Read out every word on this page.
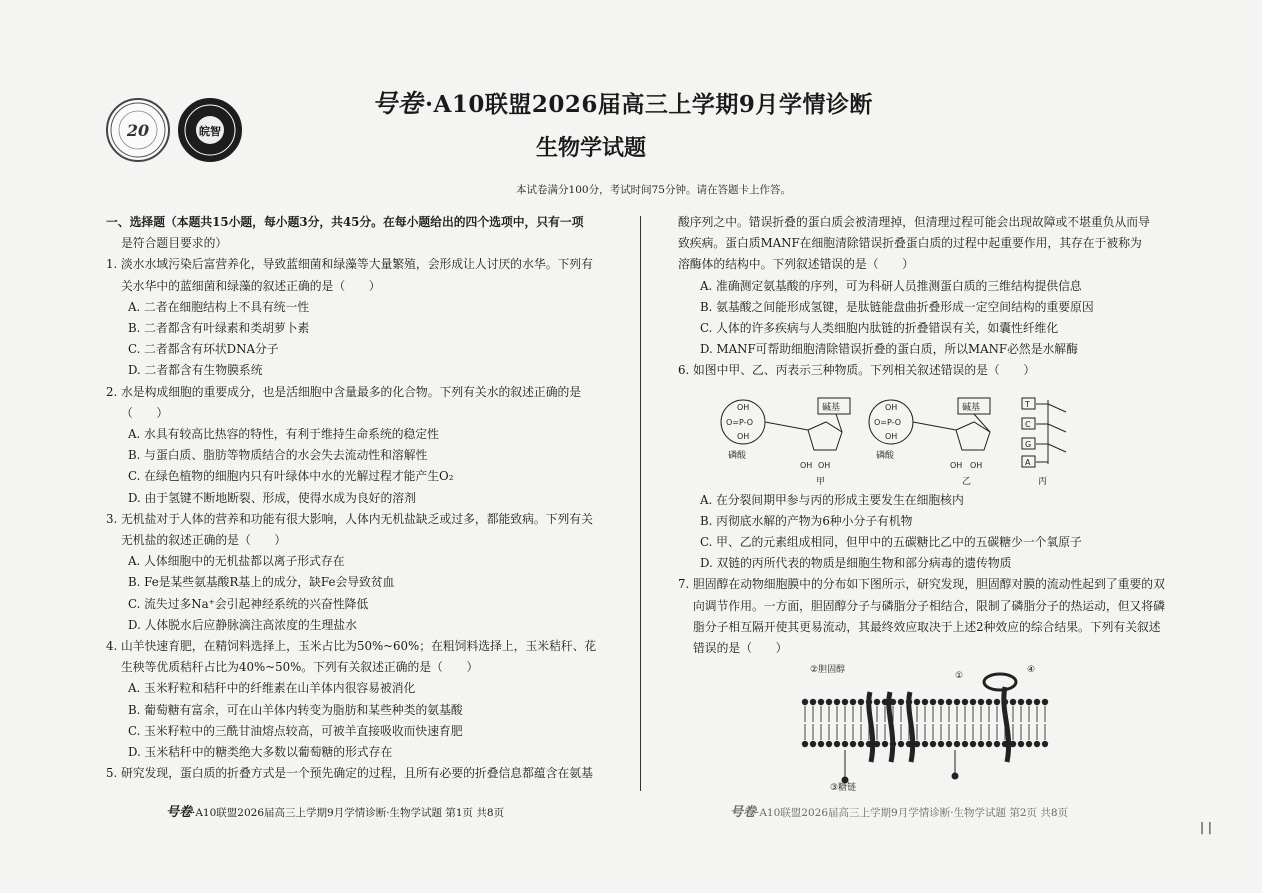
20	皖智
号卷·A10联盟2026届高三上学期9月学情诊断
生物学试题
本试卷满分100分，考试时间75分钟。请在答题卡上作答。
一、选择题（本题共15小题，每小题3分，共45分。在每小题给出的四个选项中，只有一项
是符合题目要求的）
1. 淡水水域污染后富营养化，导致蓝细菌和绿藻等大量繁殖，会形成让人讨厌的水华。下列有
关水华中的蓝细菌和绿藻的叙述正确的是（　　）
A. 二者在细胞结构上不具有统一性
B. 二者都含有叶绿素和类胡萝卜素
C. 二者都含有环状DNA分子
D. 二者都含有生物膜系统
2. 水是构成细胞的重要成分，也是活细胞中含量最多的化合物。下列有关水的叙述正确的是
（　　）
A. 水具有较高比热容的特性，有利于维持生命系统的稳定性
B. 与蛋白质、脂肪等物质结合的水会失去流动性和溶解性
C. 在绿色植物的细胞内只有叶绿体中水的光解过程才能产生O₂
D. 由于氢键不断地断裂、形成，使得水成为良好的溶剂
3. 无机盐对于人体的营养和功能有很大影响，人体内无机盐缺乏或过多，都能致病。下列有关
无机盐的叙述正确的是（　　）
A. 人体细胞中的无机盐都以离子形式存在
B. Fe是某些氨基酸R基上的成分，缺Fe会导致贫血
C. 流失过多Na⁺会引起神经系统的兴奋性降低
D. 人体脱水后应静脉滴注高浓度的生理盐水
4. 山羊快速育肥，在精饲料选择上，玉米占比为50%~60%；在粗饲料选择上，玉米秸秆、花
生秧等优质秸秆占比为40%~50%。下列有关叙述正确的是（　　）
A. 玉米籽粒和秸秆中的纤维素在山羊体内很容易被消化
B. 葡萄糖有富余，可在山羊体内转变为脂肪和某些种类的氨基酸
C. 玉米籽粒中的三酰甘油熔点较高，可被羊直接吸收而快速育肥
D. 玉米秸秆中的糖类绝大多数以葡萄糖的形式存在
5. 研究发现，蛋白质的折叠方式是一个预先确定的过程，且所有必要的折叠信息都蕴含在氨基
酸序列之中。错误折叠的蛋白质会被清理掉，但清理过程可能会出现故障或不堪重负从而导
致疾病。蛋白质MANF在细胞清除错误折叠蛋白质的过程中起重要作用，其存在于被称为
溶酶体的结构中。下列叙述错误的是（　　）
A. 准确测定氨基酸的序列，可为科研人员推测蛋白质的三维结构提供信息
B. 氨基酸之间能形成氢键，是肽链能盘曲折叠形成一定空间结构的重要原因
C. 人体的许多疾病与人类细胞内肽链的折叠错误有关，如囊性纤维化
D. MANF可帮助细胞清除错误折叠的蛋白质，所以MANF必然是水解酶
6. 如图中甲、乙、丙表示三种物质。下列相关叙述错误的是（　　）
A. 在分裂间期甲参与丙的形成主要发生在细胞核内
B. 丙彻底水解的产物为6种小分子有机物
C. 甲、乙的元素组成相同，但甲中的五碳糖比乙中的五碳糖少一个氧原子
D. 双链的丙所代表的物质是细胞生物和部分病毒的遗传物质
7. 胆固醇在动物细胞膜中的分布如下图所示，研究发现，胆固醇对膜的流动性起到了重要的双
向调节作用。一方面，胆固醇分子与磷脂分子相结合，限制了磷脂分子的热运动，但又将磷
脂分子相互隔开使其更易流动，其最终效应取决于上述2种效应的综合结果。下列有关叙述
错误的是（　　）
OH
O=P-O
OH
OH
O=P-O
OH
OH OH	OH OH
碱基	碱基
磷酸	磷酸
甲	乙	丙
T
C
G
A
②胆固醇
③糖链
①
④
号卷·A10联盟2026届高三上学期9月学情诊断·生物学试题 第1页 共8页	号卷·A10联盟2026届高三上学期9月学情诊断·生物学试题 第2页 共8页
| |
